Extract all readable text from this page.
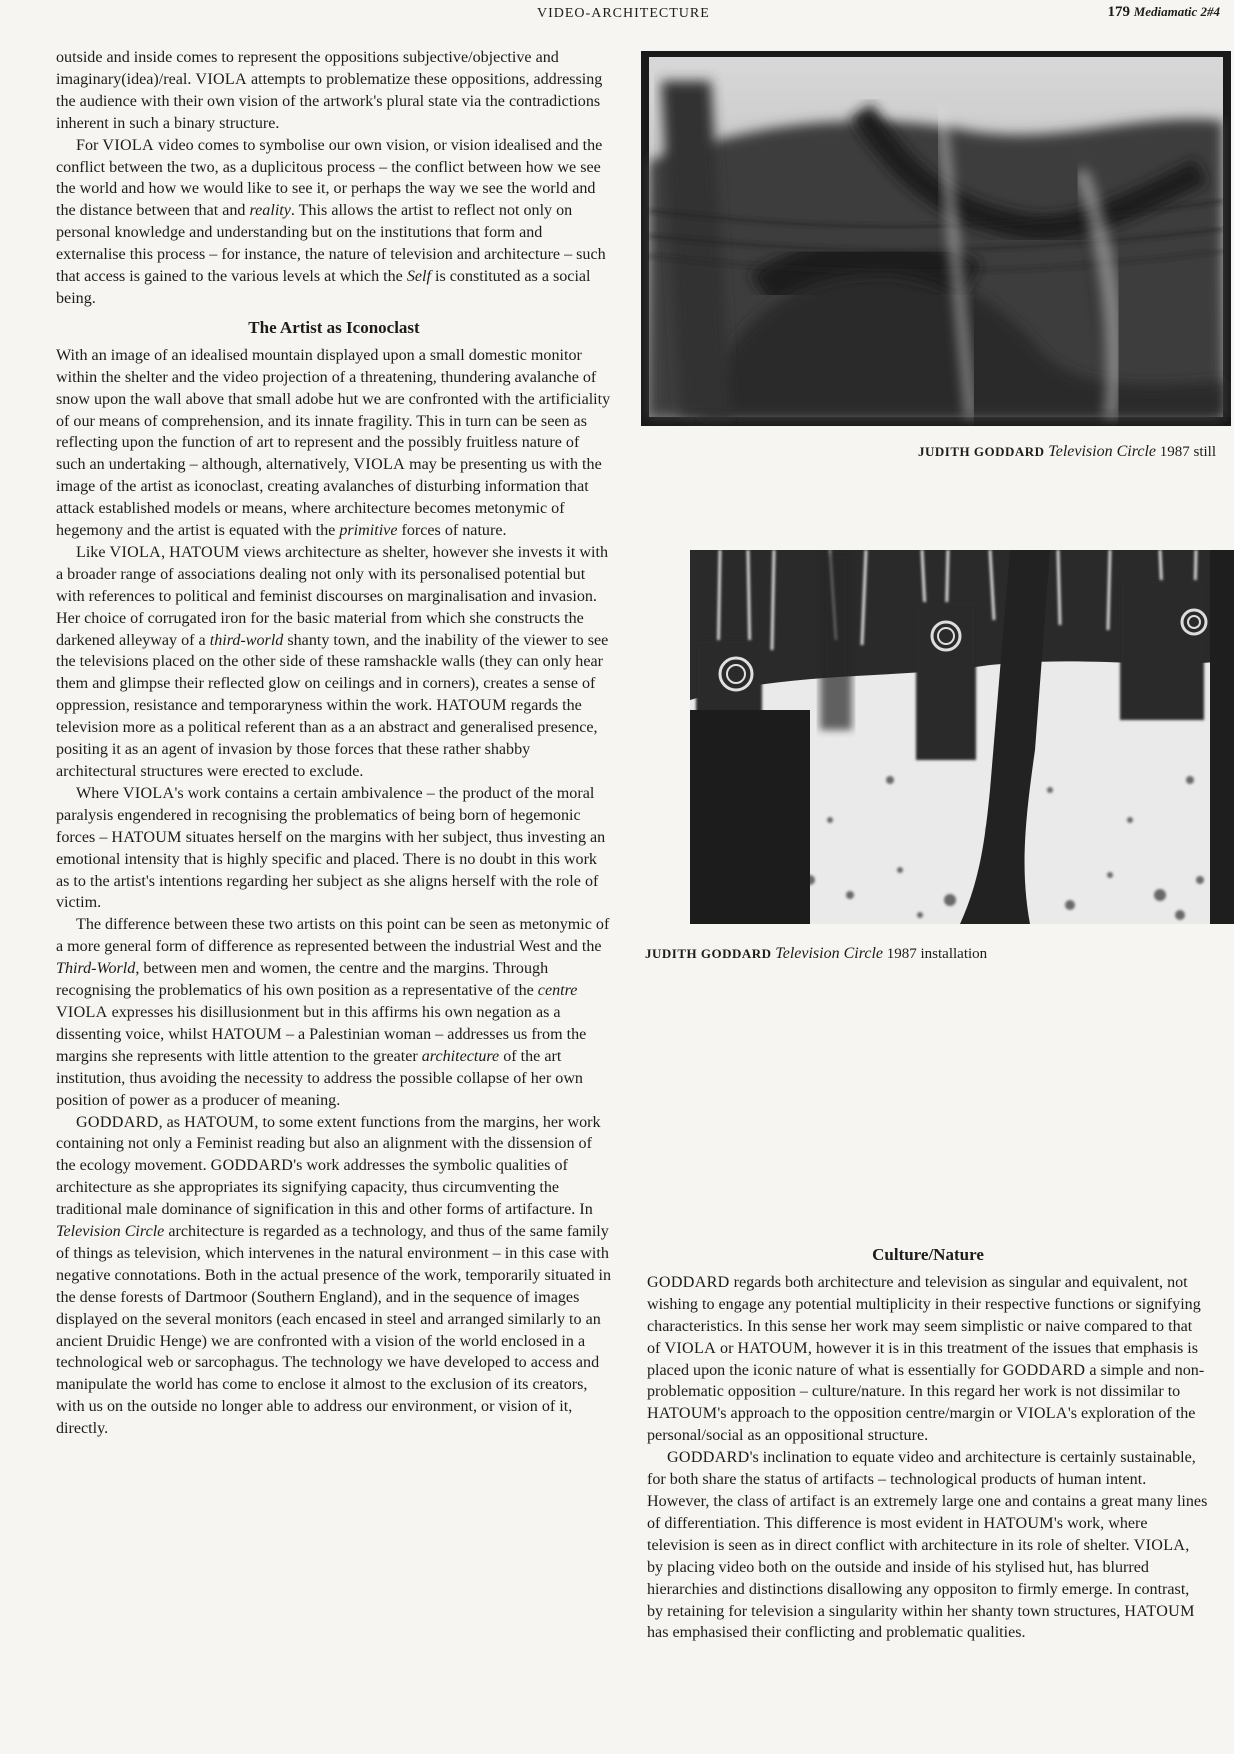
VIDEO-ARCHITECTURE	179 Mediamatic 2#4

outside and inside comes to represent the oppositions subjective/objective and imaginary(idea)/real. VIOLA attempts to problematize these oppositions, addressing the audience with their own vision of the artwork's plural state via the contradictions inherent in such a binary structure.

For VIOLA video comes to symbolise our own vision, or vision idealised and the conflict between the two, as a duplicitous process – the conflict between how we see the world and how we would like to see it, or perhaps the way we see the world and the distance between that and reality. This allows the artist to reflect not only on personal knowledge and understanding but on the institutions that form and externalise this process – for instance, the nature of television and architecture – such that access is gained to the various levels at which the Self is constituted as a social being.

The Artist as Iconoclast

With an image of an idealised mountain displayed upon a small domestic monitor within the shelter and the video projection of a threatening, thundering avalanche of snow upon the wall above that small adobe hut we are confronted with the artificiality of our means of comprehension, and its innate fragility. This in turn can be seen as reflecting upon the function of art to represent and the possibly fruitless nature of such an undertaking – although, alternatively, VIOLA may be presenting us with the image of the artist as iconoclast, creating avalanches of disturbing information that attack established models or means, where architecture becomes metonymic of hegemony and the artist is equated with the primitive forces of nature.

Like VIOLA, HATOUM views architecture as shelter, however she invests it with a broader range of associations dealing not only with its personalised potential but with references to political and feminist discourses on marginalisation and invasion. Her choice of corrugated iron for the basic material from which she constructs the darkened alleyway of a third-world shanty town, and the inability of the viewer to see the televisions placed on the other side of these ramshackle walls (they can only hear them and glimpse their reflected glow on ceilings and in corners), creates a sense of oppression, resistance and temporaryness within the work. HATOUM regards the television more as a political referent than as a an abstract and generalised presence, positing it as an agent of invasion by those forces that these rather shabby architectural structures were erected to exclude.

Where VIOLA's work contains a certain ambivalence – the product of the moral paralysis engendered in recognising the problematics of being born of hegemonic forces – HATOUM situates herself on the margins with her subject, thus investing an emotional intensity that is highly specific and placed. There is no doubt in this work as to the artist's intentions regarding her subject as she aligns herself with the role of victim.

The difference between these two artists on this point can be seen as metonymic of a more general form of difference as represented between the industrial West and the Third-World, between men and women, the centre and the margins. Through recognising the problematics of his own position as a representative of the centre VIOLA expresses his disillusionment but in this affirms his own negation as a dissenting voice, whilst HATOUM – a Palestinian woman – addresses us from the margins she represents with little attention to the greater architecture of the art institution, thus avoiding the necessity to address the possible collapse of her own position of power as a producer of meaning.

GODDARD, as HATOUM, to some extent functions from the margins, her work containing not only a Feminist reading but also an alignment with the dissension of the ecology movement. GODDARD's work addresses the symbolic qualities of architecture as she appropriates its signifying capacity, thus circumventing the traditional male dominance of signification in this and other forms of artifacture. In Television Circle architecture is regarded as a technology, and thus of the same family of things as television, which intervenes in the natural environment – in this case with negative connotations. Both in the actual presence of the work, temporarily situated in the dense forests of Dartmoor (Southern England), and in the sequence of images displayed on the several monitors (each encased in steel and arranged similarly to an ancient Druidic Henge) we are confronted with a vision of the world enclosed in a technological web or sarcophagus. The technology we have developed to access and manipulate the world has come to enclose it almost to the exclusion of its creators, with us on the outside no longer able to address our environment, or vision of it, directly.

JUDITH GODDARD Television Circle 1987 still
JUDITH GODDARD Television Circle 1987 installation
Culture/Nature

GODDARD regards both architecture and television as singular and equivalent, not wishing to engage any potential multiplicity in their respective functions or signifying characteristics. In this sense her work may seem simplistic or naive compared to that of VIOLA or HATOUM, however it is in this treatment of the issues that emphasis is placed upon the iconic nature of what is essentially for GODDARD a simple and non-problematic opposition – culture/nature. In this regard her work is not dissimilar to HATOUM's approach to the opposition centre/margin or VIOLA's exploration of the personal/social as an oppositional structure.

GODDARD's inclination to equate video and architecture is certainly sustainable, for both share the status of artifacts – technological products of human intent. However, the class of artifact is an extremely large one and contains a great many lines of differentiation. This difference is most evident in HATOUM's work, where television is seen as in direct conflict with architecture in its role of shelter. VIOLA, by placing video both on the outside and inside of his stylised hut, has blurred hierarchies and distinctions disallowing any oppositon to firmly emerge. In contrast, by retaining for television a singularity within her shanty town structures, HATOUM has emphasised their conflicting and problematic qualities.
